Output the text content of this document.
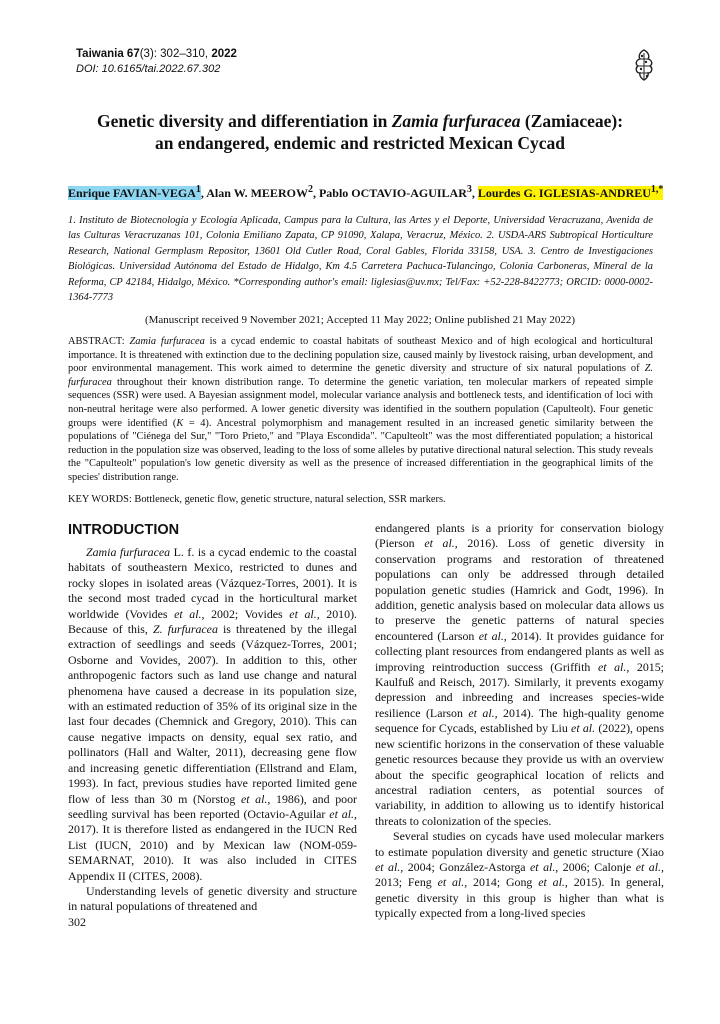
Taiwania 67(3): 302–310, 2022
DOI: 10.6165/tai.2022.67.302
Genetic diversity and differentiation in Zamia furfuracea (Zamiaceae):
an endangered, endemic and restricted Mexican Cycad
Enrique FAVIAN-VEGA$^1$, Alan W. MEEROW$^2$, Pablo OCTAVIO-AGUILAR$^3$, Lourdes G. IGLESIAS-$ANDREU^{1,*}$
1. Instituto de Biotecnología y Ecología Aplicada, Campus para la Cultura, las Artes y el Deporte, Universidad Veracruzana, Avenida de las Culturas Veracruzanas 101, Colonia Emiliano Zapata, CP 91090, Xalapa, Veracruz, México. 2. USDA-ARS Subtropical Horticulture Research, National Germplasm Repositor, 13601 Old Cutler Road, Coral Gables, Florida 33158, USA. 3. Centro de Investigaciones Biológicas. Universidad Autónoma del Estado de Hidalgo, Km 4.5 Carretera Pachuca-Tulancingo, Colonia Carboneras, Mineral de la Reforma, CP 42184, Hidalgo, México. *Corresponding author's email: liglesias@uv.mx; Tel/Fax: +52-228-8422773; ORCID: 0000-0002-1364-7773
(Manuscript received 9 November 2021; Accepted 11 May 2022; Online published 21 May 2022)
ABSTRACT: Zamia furfuracea is a cycad endemic to coastal habitats of southeast Mexico and of high ecological and horticultural importance. It is threatened with extinction due to the declining population size, caused mainly by livestock raising, urban development, and poor environmental management. This work aimed to determine the genetic diversity and structure of six natural populations of Z. furfuracea throughout their known distribution range. To determine the genetic variation, ten molecular markers of repeated simple sequences (SSR) were used. A Bayesian assignment model, molecular variance analysis and bottleneck tests, and identification of loci with non-neutral heritage were also performed. A lower genetic diversity was identified in the southern population (Capulteolt). Four genetic groups were identified (K = 4). Ancestral polymorphism and management resulted in an increased genetic similarity between the populations of "Ciénega del Sur," "Toro Prieto," and "Playa Escondida". "Capulteolt" was the most differentiated population; a historical reduction in the population size was observed, leading to the loss of some alleles by putative directional natural selection. This study reveals the "Capulteolt" population's low genetic diversity as well as the presence of increased differentiation in the geographical limits of the species' distribution range.
KEY WORDS: Bottleneck, genetic flow, genetic structure, natural selection, SSR markers.
INTRODUCTION

Zamia furfuracea L. f. is a cycad endemic to the coastal habitats of southeastern Mexico, restricted to dunes and rocky slopes in isolated areas (Vázquez-Torres, 2001). It is the second most traded cycad in the horticultural market worldwide (Vovides et al., 2002; Vovides et al., 2010). Because of this, Z. furfuracea is threatened by the illegal extraction of seedlings and seeds (Vázquez-Torres, 2001; Osborne and Vovides, 2007). In addition to this, other anthropogenic factors such as land use change and natural phenomena have caused a decrease in its population size, with an estimated reduction of 35% of its original size in the last four decades (Chemnick and Gregory, 2010). This can cause negative impacts on density, equal sex ratio, and pollinators (Hall and Walter, 2011), decreasing gene flow and increasing genetic differentiation (Ellstrand and Elam, 1993). In fact, previous studies have reported limited gene flow of less than 30 m (Norstog et al., 1986), and poor seedling survival has been reported (Octavio-Aguilar et al., 2017). It is therefore listed as endangered in the IUCN Red List (IUCN, 2010) and by Mexican law (NOM-059-SEMARNAT, 2010). It was also included in CITES Appendix II (CITES, 2008).

Understanding levels of genetic diversity and structure in natural populations of threatened and

endangered plants is a priority for conservation biology (Pierson et al., 2016). Loss of genetic diversity in conservation programs and restoration of threatened populations can only be addressed through detailed population genetic studies (Hamrick and Godt, 1996). In addition, genetic analysis based on molecular data allows us to preserve the genetic patterns of natural species encountered (Larson et al., 2014). It provides guidance for collecting plant resources from endangered plants as well as improving reintroduction success (Griffith et al., 2015; Kaulfuß and Reisch, 2017). Similarly, it prevents exogamy depression and inbreeding and increases species-wide resilience (Larson et al., 2014). The high-quality genome sequence for Cycads, established by Liu et al. (2022), opens new scientific horizons in the conservation of these valuable genetic resources because they provide us with an overview about the specific geographical location of relicts and ancestral radiation centers, as potential sources of variability, in addition to allowing us to identify historical threats to colonization of the species.

Several studies on cycads have used molecular markers to estimate population diversity and genetic structure (Xiao et al., 2004; González-Astorga et al., 2006; Calonje et al., 2013; Feng et al., 2014; Gong et al., 2015). In general, genetic diversity in this group is higher than what is typically expected from a long-lived species

302
